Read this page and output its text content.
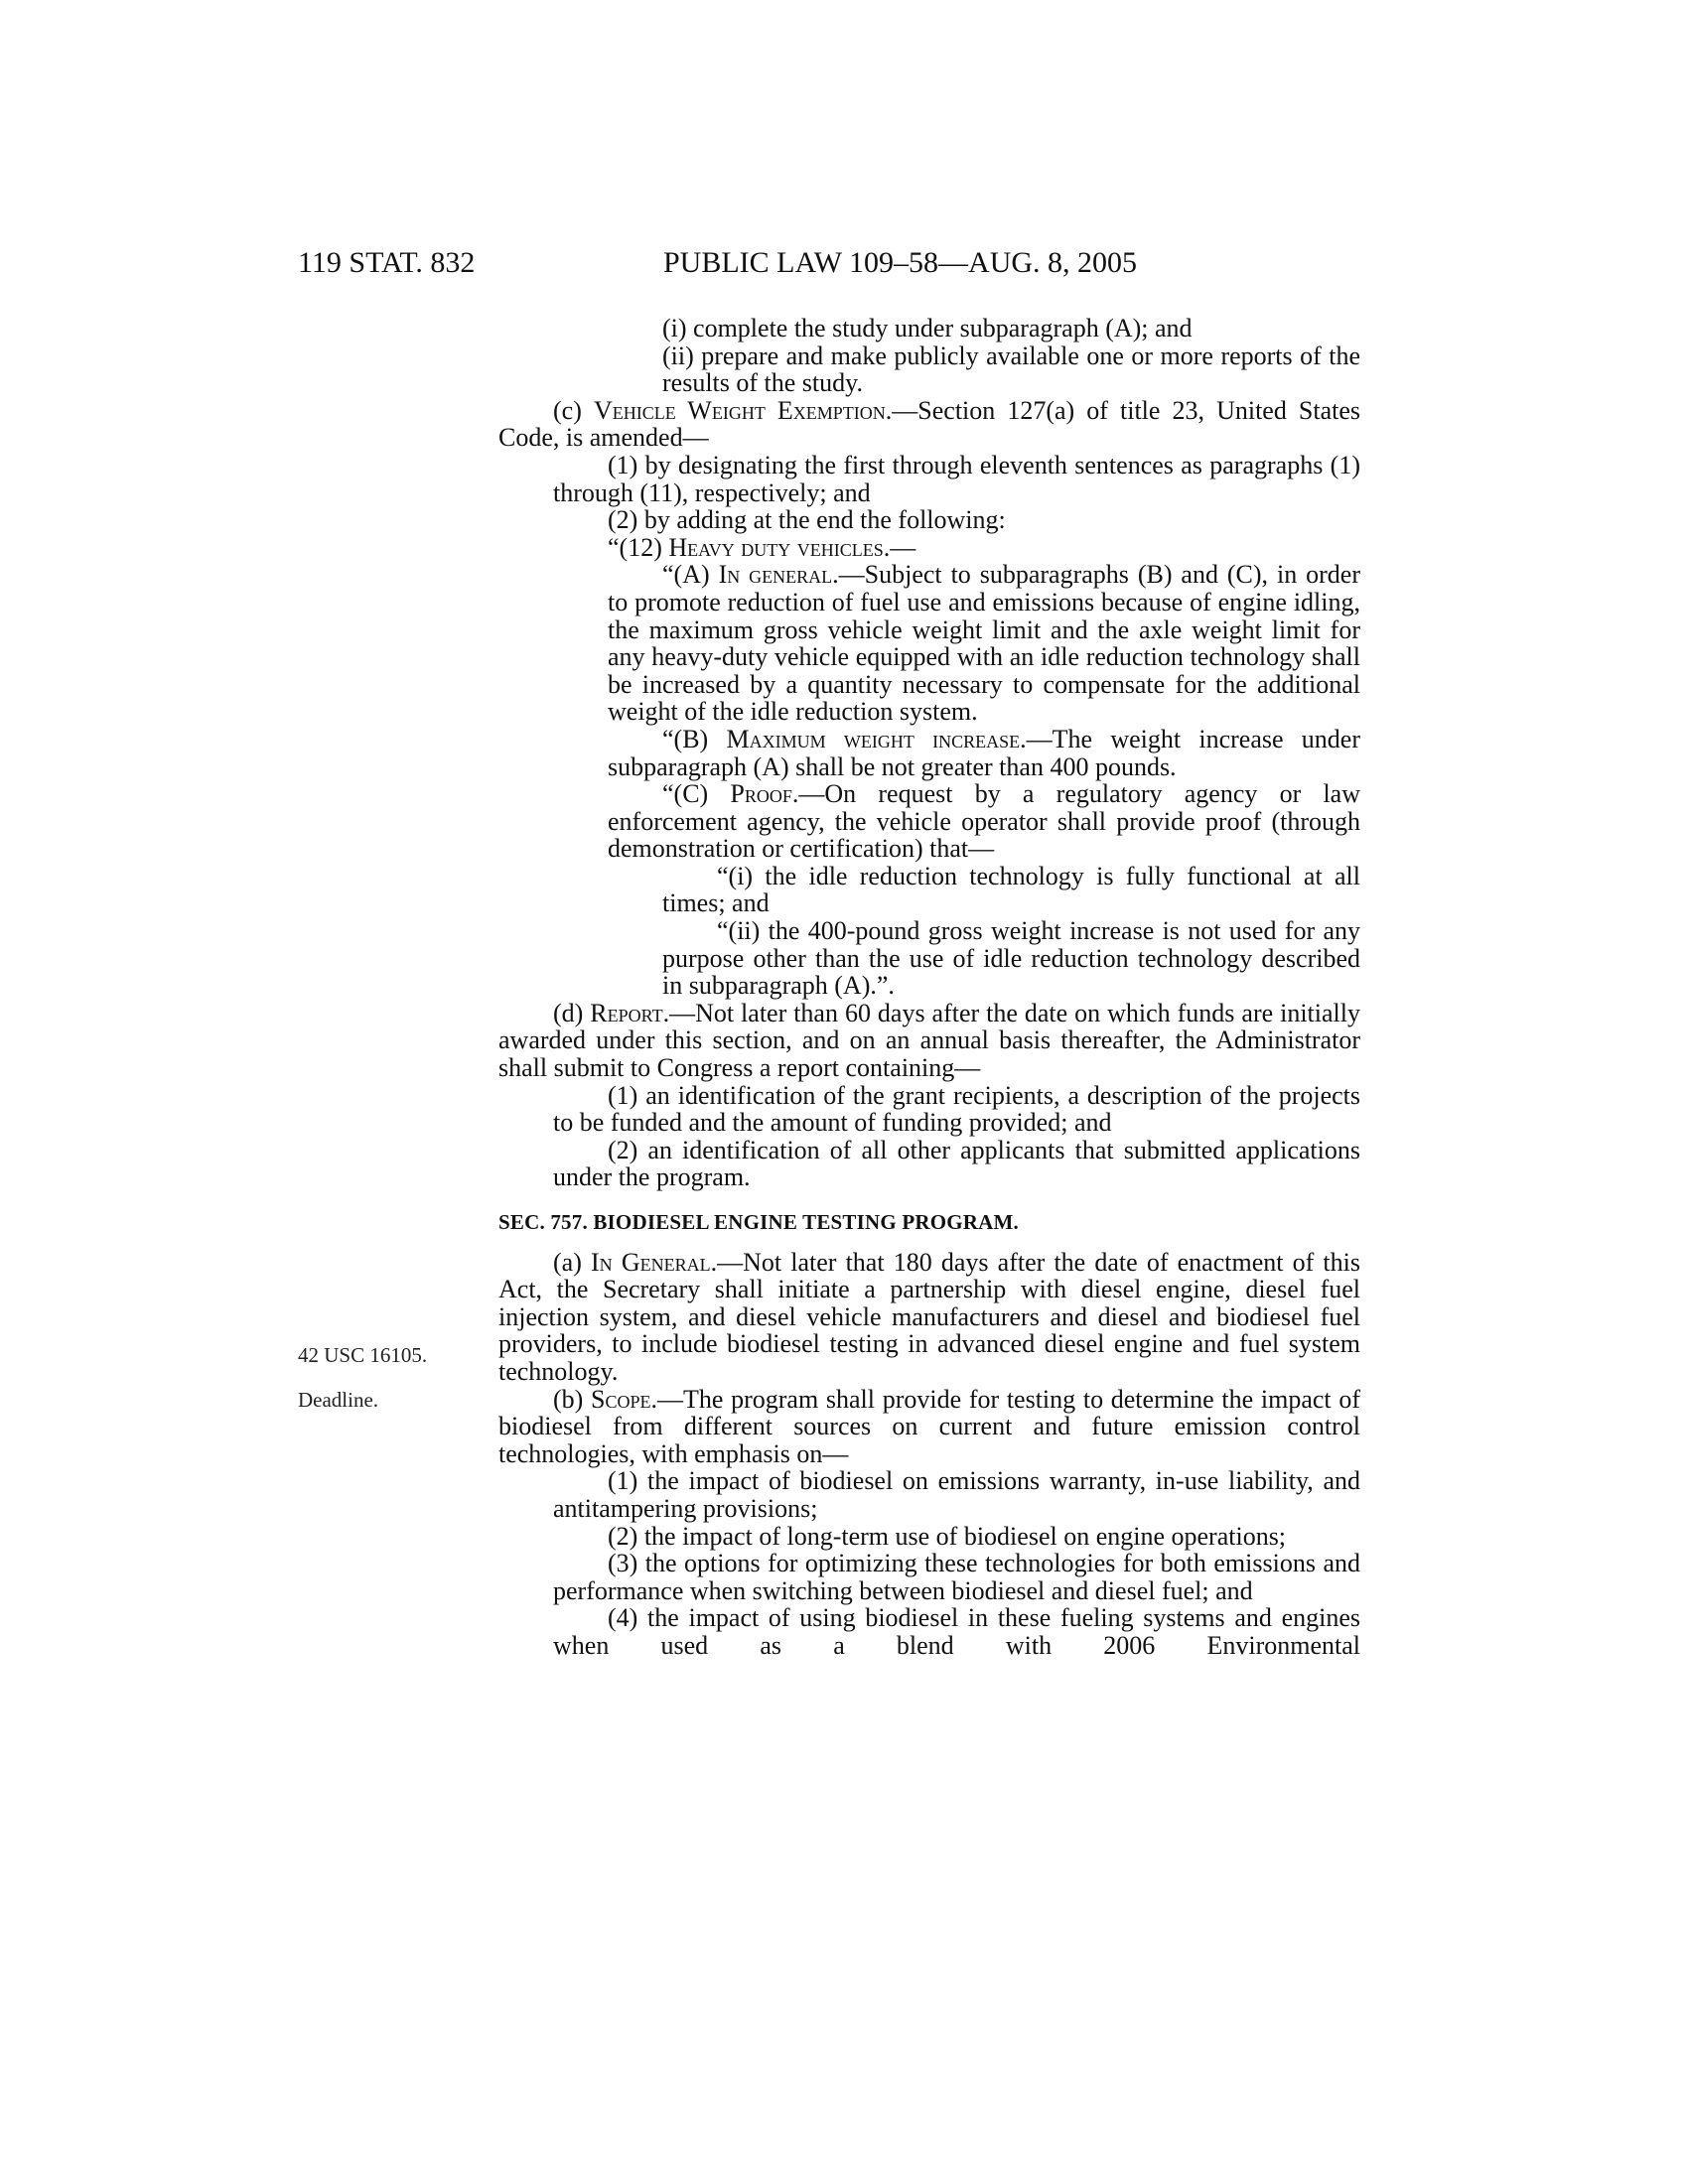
119 STAT. 832	PUBLIC LAW 109–58—AUG. 8, 2005
42 USC 16105.
Deadline.

(i) complete the study under subparagraph (A); and

(ii) prepare and make publicly available one or more reports of the results of the study.

(c) Vehicle Weight Exemption.—Section 127(a) of title 23, United States Code, is amended—

(1) by designating the first through eleventh sentences as paragraphs (1) through (11), respectively; and

(2) by adding at the end the following:

“(12) Heavy duty vehicles.—

“(A) In general.—Subject to subparagraphs (B) and (C), in order to promote reduction of fuel use and emissions because of engine idling, the maximum gross vehicle weight limit and the axle weight limit for any heavy-duty vehicle equipped with an idle reduction technology shall be increased by a quantity necessary to compensate for the additional weight of the idle reduction system.

“(B) Maximum weight increase.—The weight increase under subparagraph (A) shall be not greater than 400 pounds.

“(C) Proof.—On request by a regulatory agency or law enforcement agency, the vehicle operator shall provide proof (through demonstration or certification) that—

“(i) the idle reduction technology is fully functional at all times; and

“(ii) the 400-pound gross weight increase is not used for any purpose other than the use of idle reduction technology described in subparagraph (A).”.

(d) Report.—Not later than 60 days after the date on which funds are initially awarded under this section, and on an annual basis thereafter, the Administrator shall submit to Congress a report containing—

(1) an identification of the grant recipients, a description of the projects to be funded and the amount of funding provided; and

(2) an identification of all other applicants that submitted applications under the program.

SEC. 757. BIODIESEL ENGINE TESTING PROGRAM.

(a) In General.—Not later that 180 days after the date of enactment of this Act, the Secretary shall initiate a partnership with diesel engine, diesel fuel injection system, and diesel vehicle manufacturers and diesel and biodiesel fuel providers, to include biodiesel testing in advanced diesel engine and fuel system technology.

(b) Scope.—The program shall provide for testing to determine the impact of biodiesel from different sources on current and future emission control technologies, with emphasis on—

(1) the impact of biodiesel on emissions warranty, in-use liability, and antitampering provisions;

(2) the impact of long-term use of biodiesel on engine operations;

(3) the options for optimizing these technologies for both emissions and performance when switching between biodiesel and diesel fuel; and

(4) the impact of using biodiesel in these fueling systems and engines when used as a blend with 2006 Environmental
